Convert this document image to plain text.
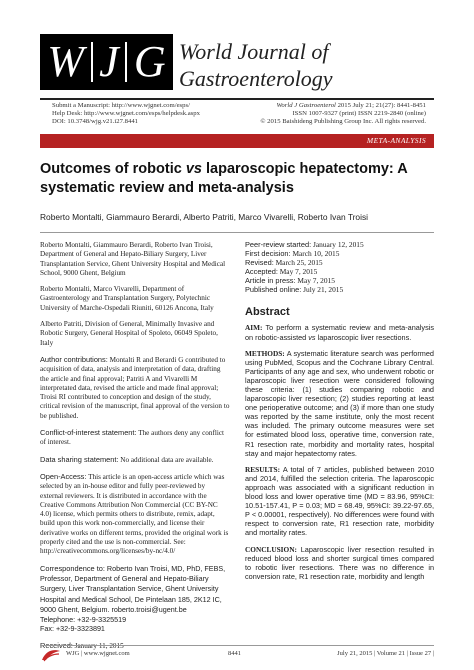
W J G World Journal of
Gastroenterology
Submit a Manuscript: http://www.wjgnet.com/esps/
Help Desk: http://www.wjgnet.com/esps/helpdesk.aspx
DOI: 10.3748/wjg.v21.i27.8441
World J Gastroenterol 2015 July 21; 21(27): 8441-8451
ISSN 1007-9327 (print) ISSN 2219-2840 (online)
© 2015 Baishideng Publishing Group Inc. All rights reserved.
META-ANALYSIS
Outcomes of robotic vs laparoscopic hepatectomy: A systematic review and meta-analysis
Roberto Montalti, Giammauro Berardi, Alberto Patriti, Marco Vivarelli, Roberto Ivan Troisi

Roberto Montalti, Giammauro Berardi, Roberto Ivan Troisi, Department of General and Hepato-Biliary Surgery, Liver Transplantation Service, Ghent University Hospital and Medical School, 9000 Ghent, Belgium

Roberto Montalti, Marco Vivarelli, Department of Gastroenterology and Transplantation Surgery, Polytechnic University of Marche-Ospedali Riuniti, 60126 Ancona, Italy

Alberto Patriti, Division of General, Minimally Invasive and Robotic Surgery, General Hospital of Spoleto, 06049 Spoleto, Italy

Author contributions: Montalti R and Berardi G contributed to acquisition of data, analysis and interpretation of data, drafting the article and final approval; Patriti A and Vivarelli M interpretated data, revised the article and made final approval; Troisi RI contributed to conception and design of the study, critical revision of the manuscript, final approval of the version to be published.

Conflict-of-interest statement: The authors deny any conflict of interest.

Data sharing statement: No additional data are available.

Open-Access: This article is an open-access article which was selected by an in-house editor and fully peer-reviewed by external reviewers. It is distributed in accordance with the Creative Commons Attribution Non Commercial (CC BY-NC 4.0) license, which permits others to distribute, remix, adapt, build upon this work non-commercially, and license their derivative works on different terms, provided the original work is properly cited and the use is non-commercial. See: http://creativecommons.org/licenses/by-nc/4.0/

Correspondence to: Roberto Ivan Troisi, MD, PhD, FEBS, Professor, Department of General and Hepato-Biliary Surgery, Liver Transplantation Service, Ghent University Hospital and Medical School, De Pintelaan 185, 2K12 IC, 9000 Ghent, Belgium. roberto.troisi@ugent.be

Telephone: +32-9-3325519
Fax: +32-9-3323891
Peer-review started: January 12, 2015
First decision: March 10, 2015
Revised: March 25, 2015
Accepted: May 7, 2015
Article in press: May 7, 2015
Published online: July 21, 2015
Abstract

AIM: To perform a systematic review and meta-analysis on robotic-assisted vs laparoscopic liver resections.

METHODS: A systematic literature search was performed using PubMed, Scopus and the Cochrane Library Central. Participants of any age and sex, who underwent robotic or laparoscopic liver resection were considered following these criteria: (1) studies comparing robotic and laparoscopic liver resection; (2) studies reporting at least one perioperative outcome; and (3) if more than one study was reported by the same institute, only the most recent was included. The primary outcome measures were set for estimated blood loss, operative time, conversion rate, R1 resection rate, morbidity and mortality rates, hospital stay and major hepatectomy rates.

RESULTS: A total of 7 articles, published between 2010 and 2014, fulfilled the selection criteria. The laparoscopic approach was associated with a significant reduction in blood loss and lower operative time (MD = 83.96, 95%CI: 10.51-157.41, P = 0.03; MD = 68.49, 95%CI: 39.22-97.65, P < 0.00001, respectively). No differences were found with respect to conversion rate, R1 resection rate, morbidity and mortality rates.

CONCLUSION: Laparoscopic liver resection resulted in reduced blood loss and shorter surgical times compared to robotic liver resections. There was no difference in conversion rate, R1 resection rate, morbidity and length

WJG | www.wjgnet.com	8441	July 21, 2015 | Volume 21 | Issue 27 |
